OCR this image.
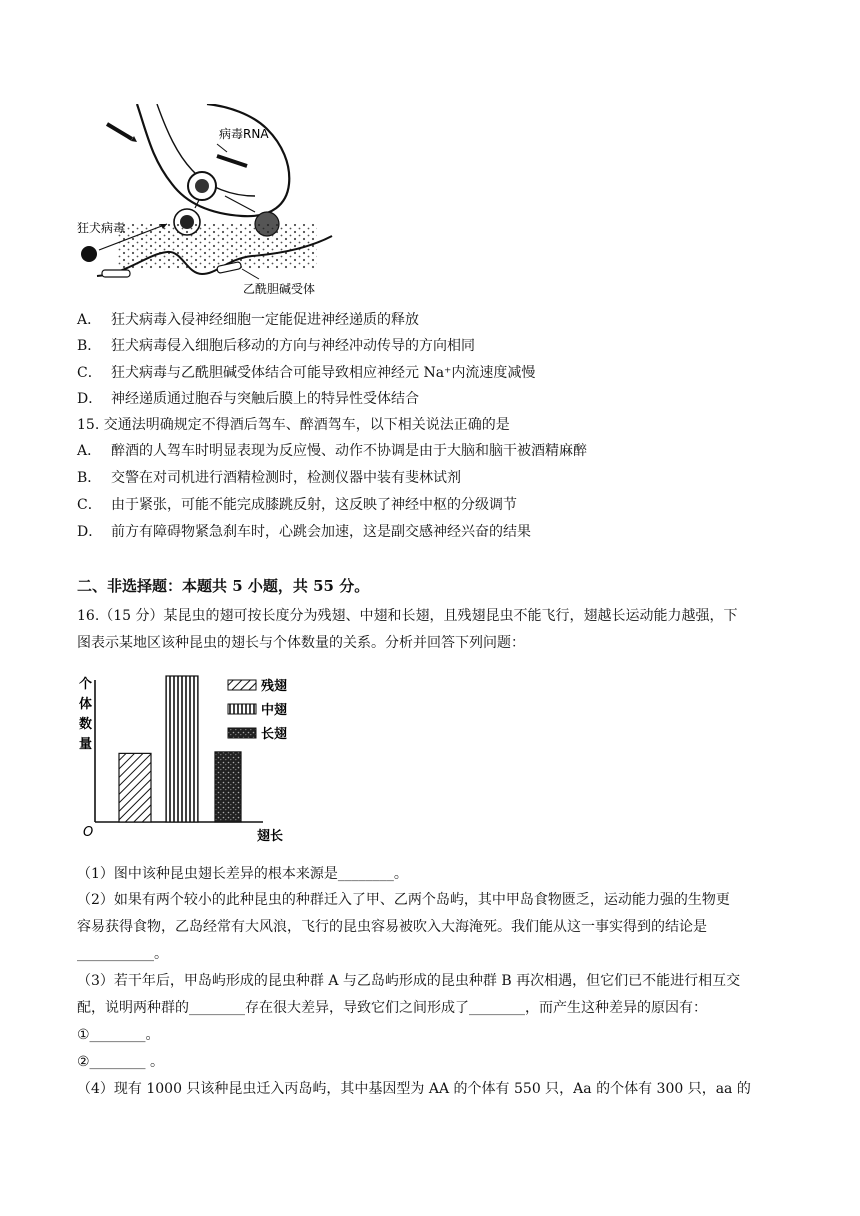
病毒RNA
狂犬病毒
乙酰胆碱受体
A． 狂犬病毒入侵神经细胞一定能促进神经递质的释放
B． 狂犬病毒侵入细胞后移动的方向与神经冲动传导的方向相同
C． 狂犬病毒与乙酰胆碱受体结合可能导致相应神经元 Na⁺内流速度减慢
D． 神经递质通过胞吞与突触后膜上的特异性受体结合
15. 交通法明确规定不得酒后驾车、醉酒驾车，以下相关说法正确的是
A． 醉酒的人驾车时明显表现为反应慢、动作不协调是由于大脑和脑干被酒精麻醉
B． 交警在对司机进行酒精检测时，检测仪器中装有斐林试剂
C． 由于紧张，可能不能完成膝跳反射，这反映了神经中枢的分级调节
D． 前方有障碍物紧急刹车时，心跳会加速，这是副交感神经兴奋的结果
二、非选择题：本题共 5 小题，共 55 分。
16.（15 分）某昆虫的翅可按长度分为残翅、中翅和长翅，且残翅昆虫不能飞行，翅越长运动能力越强，下
图表示某地区该种昆虫的翅长与个体数量的关系。分析并回答下列问题：
O	翅长
残翅
中翅
长翅
个
体
数
量
（1）图中该种昆虫翅长差异的根本来源是________。
（2）如果有两个较小的此种昆虫的种群迁入了甲、乙两个岛屿，其中甲岛食物匮乏，运动能力强的生物更
容易获得食物，乙岛经常有大风浪，飞行的昆虫容易被吹入大海淹死。我们能从这一事实得到的结论是
___________。
（3）若干年后，甲岛屿形成的昆虫种群 A 与乙岛屿形成的昆虫种群 B 再次相遇，但它们已不能进行相互交
配，说明两种群的________存在很大差异，导致它们之间形成了________，而产生这种差异的原因有：
①________。
②________ 。
（4）现有 1000 只该种昆虫迁入丙岛屿，其中基因型为 AA 的个体有 550 只，Aa 的个体有 300 只，aa 的
